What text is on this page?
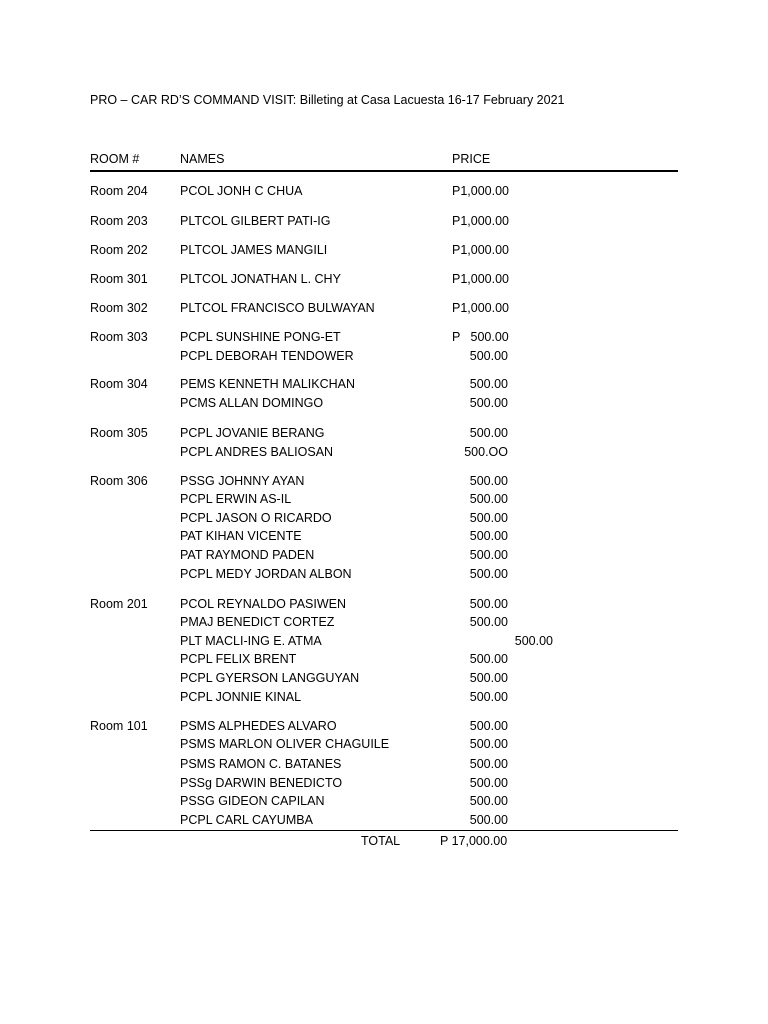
PRO – CAR RD’S COMMAND VISIT: Billeting at Casa Lacuesta 16-17 February 2021
ROOM #	NAMES	PRICE
Room 204	PCOL JONH C CHUA	P1,000.00
Room 203	PLTCOL GILBERT PATI-IG	P1,000.00
Room 202	PLTCOL JAMES MANGILI	P1,000.00
Room 301	PLTCOL JONATHAN L. CHY	P1,000.00
Room 302	PLTCOL FRANCISCO BULWAYAN	P1,000.00
Room 303	PCPL SUNSHINE PONG-ET	P   500.00
PCPL DEBORAH TENDOWER	500.00
Room 304	PEMS KENNETH MALIKCHAN	500.00
PCMS ALLAN DOMINGO	500.00
Room 305	PCPL JOVANIE BERANG	500.00
PCPL ANDRES BALIOSAN	500.OO
Room 306	PSSG JOHNNY AYAN	500.00
PCPL ERWIN AS-IL	500.00
PCPL JASON O RICARDO	500.00
PAT KIHAN VICENTE	500.00
PAT RAYMOND PADEN	500.00
PCPL MEDY JORDAN ALBON	500.00
Room 201	PCOL REYNALDO PASIWEN	500.00
PMAJ BENEDICT CORTEZ	500.00
PLT MACLI-ING E. ATMA	500.00
PCPL FELIX BRENT	500.00
PCPL GYERSON LANGGUYAN	500.00
PCPL JONNIE KINAL	500.00
Room 101	PSMS ALPHEDES ALVARO	500.00
PSMS MARLON OLIVER CHAGUILE	500.00
PSMS RAMON C. BATANES	500.00
PSSg DARWIN BENEDICTO	500.00
PSSG GIDEON CAPILAN	500.00
PCPL CARL CAYUMBA	500.00
TOTAL	P 17,000.00
